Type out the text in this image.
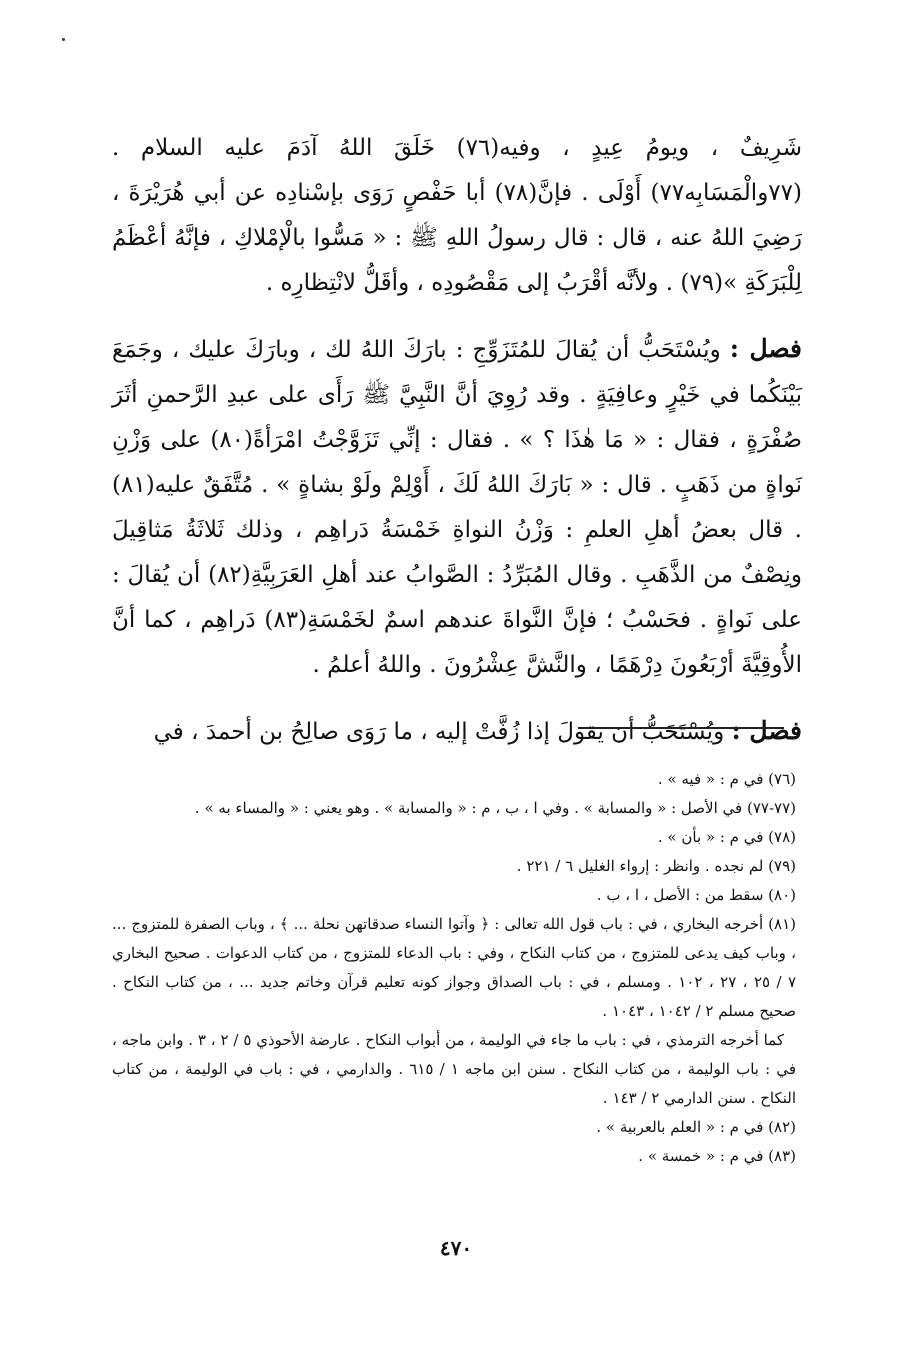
شَرِيفٌ ، ويومُ عِيدٍ ، وفيه(٧٦) خَلَقَ اللهُ آدَمَ عليه السلام . (٧٧والْمَسَابِه٧٧) أَوْلَى . فإنَّ(٧٨) أبا حَفْصٍ رَوَى بإسْنادِه عن أبي هُرَيْرَةَ ، رَضِيَ اللهُ عنه ، قال : قال رسولُ اللهِ ﷺ : « مَسُّوا بالْإمْلاكِ ، فإنَّهُ أعْظَمُ لِلْبَرَكَةِ »(٧٩) . ولأنَّه أقْرَبُ إلى مَقْصُودِه ، وأقَلُّ لانْتِظارِه .

فصل : ويُسْتَحَبُّ أن يُقالَ للمُتَزَوِّجِ : بارَكَ اللهُ لك ، وبارَكَ عليك ، وجَمَعَ بَيْنَكُما في خَيْرٍ وعافِيَةٍ . وقد رُوِيَ أنَّ النَّبِيَّ ﷺ رَأَى على عبدِ الرَّحمنِ أثَرَ صُفْرَةٍ ، فقال : « مَا هٰذَا ؟ » . فقال : إنِّي تَزَوَّجْتُ امْرَأةً(٨٠) على وَزْنِ نَواةٍ من ذَهَبٍ . قال : « بَارَكَ اللهُ لَكَ ، أَوْلِمْ ولَوْ بشاةٍ » . مُتَّفَقٌ عليه(٨١) . قال بعضُ أهلِ العلمِ : وَزْنُ النواةِ خَمْسَةُ دَراهِم ، وذلك ثَلاثَةُ مَثاقِيلَ ونِصْفٌ من الذَّهَبِ . وقال المُبَرِّدُ : الصَّوابُ عند أهلِ العَرَبِيَّةِ(٨٢) أن يُقالَ : على نَواةٍ . فحَسْبُ ؛ فإنَّ النَّواةَ عندهم اسمٌ لخَمْسَةِ(٨٣) دَراهِم ، كما أنَّ الأُوقِيَّةَ أرْبَعُونَ دِرْهَمًا ، والنَّشَّ عِشْرُونَ . واللهُ أعلمُ .

فصل : ويُسْتَحَبُّ أن يقولَ إذا زُفَّتْ إليه ، ما رَوَى صالِحُ بن أحمدَ ، في

(٧٦) في م : « فيه » .

(٧٧-٧٧) في الأصل : « والمسابة » . وفي ا ، ب ، م : « والمسابة » . وهو يعني : « والمساء به » .

(٧٨) في م : « بأن » .

(٧٩) لم نجده . وانظر : إرواء الغليل ٦ / ٢٢١ .

(٨٠) سقط من : الأصل ، ا ، ب .

(٨١) أخرجه البخاري ، في : باب قول الله تعالى : ﴿ وآتوا النساء صدقاتهن نحلة ... ﴾ ، وباب الصفرة للمتزوج ... ، وباب كيف يدعى للمتزوج ، من كتاب النكاح ، وفي : باب الدعاء للمتزوج ، من كتاب الدعوات . صحيح البخاري ٧ / ٢٥ ، ٢٧ ، ١٠٢ . ومسلم ، في : باب الصداق وجواز كونه تعليم قرآن وخاتم جديد ... ، من كتاب النكاح . صحيح مسلم ٢ / ١٠٤٢ ، ١٠٤٣ .

كما أخرجه الترمذي ، في : باب ما جاء في الوليمة ، من أبواب النكاح . عارضة الأحوذي ٥ / ٢ ، ٣ . وابن ماجه ، في : باب الوليمة ، من كتاب النكاح . سنن ابن ماجه ١ / ٦١٥ . والدارمي ، في : باب في الوليمة ، من كتاب النكاح . سنن الدارمي ٢ / ١٤٣ .

(٨٢) في م : « العلم بالعربية » .

(٨٣) في م : « خمسة » .

٤٧٠
